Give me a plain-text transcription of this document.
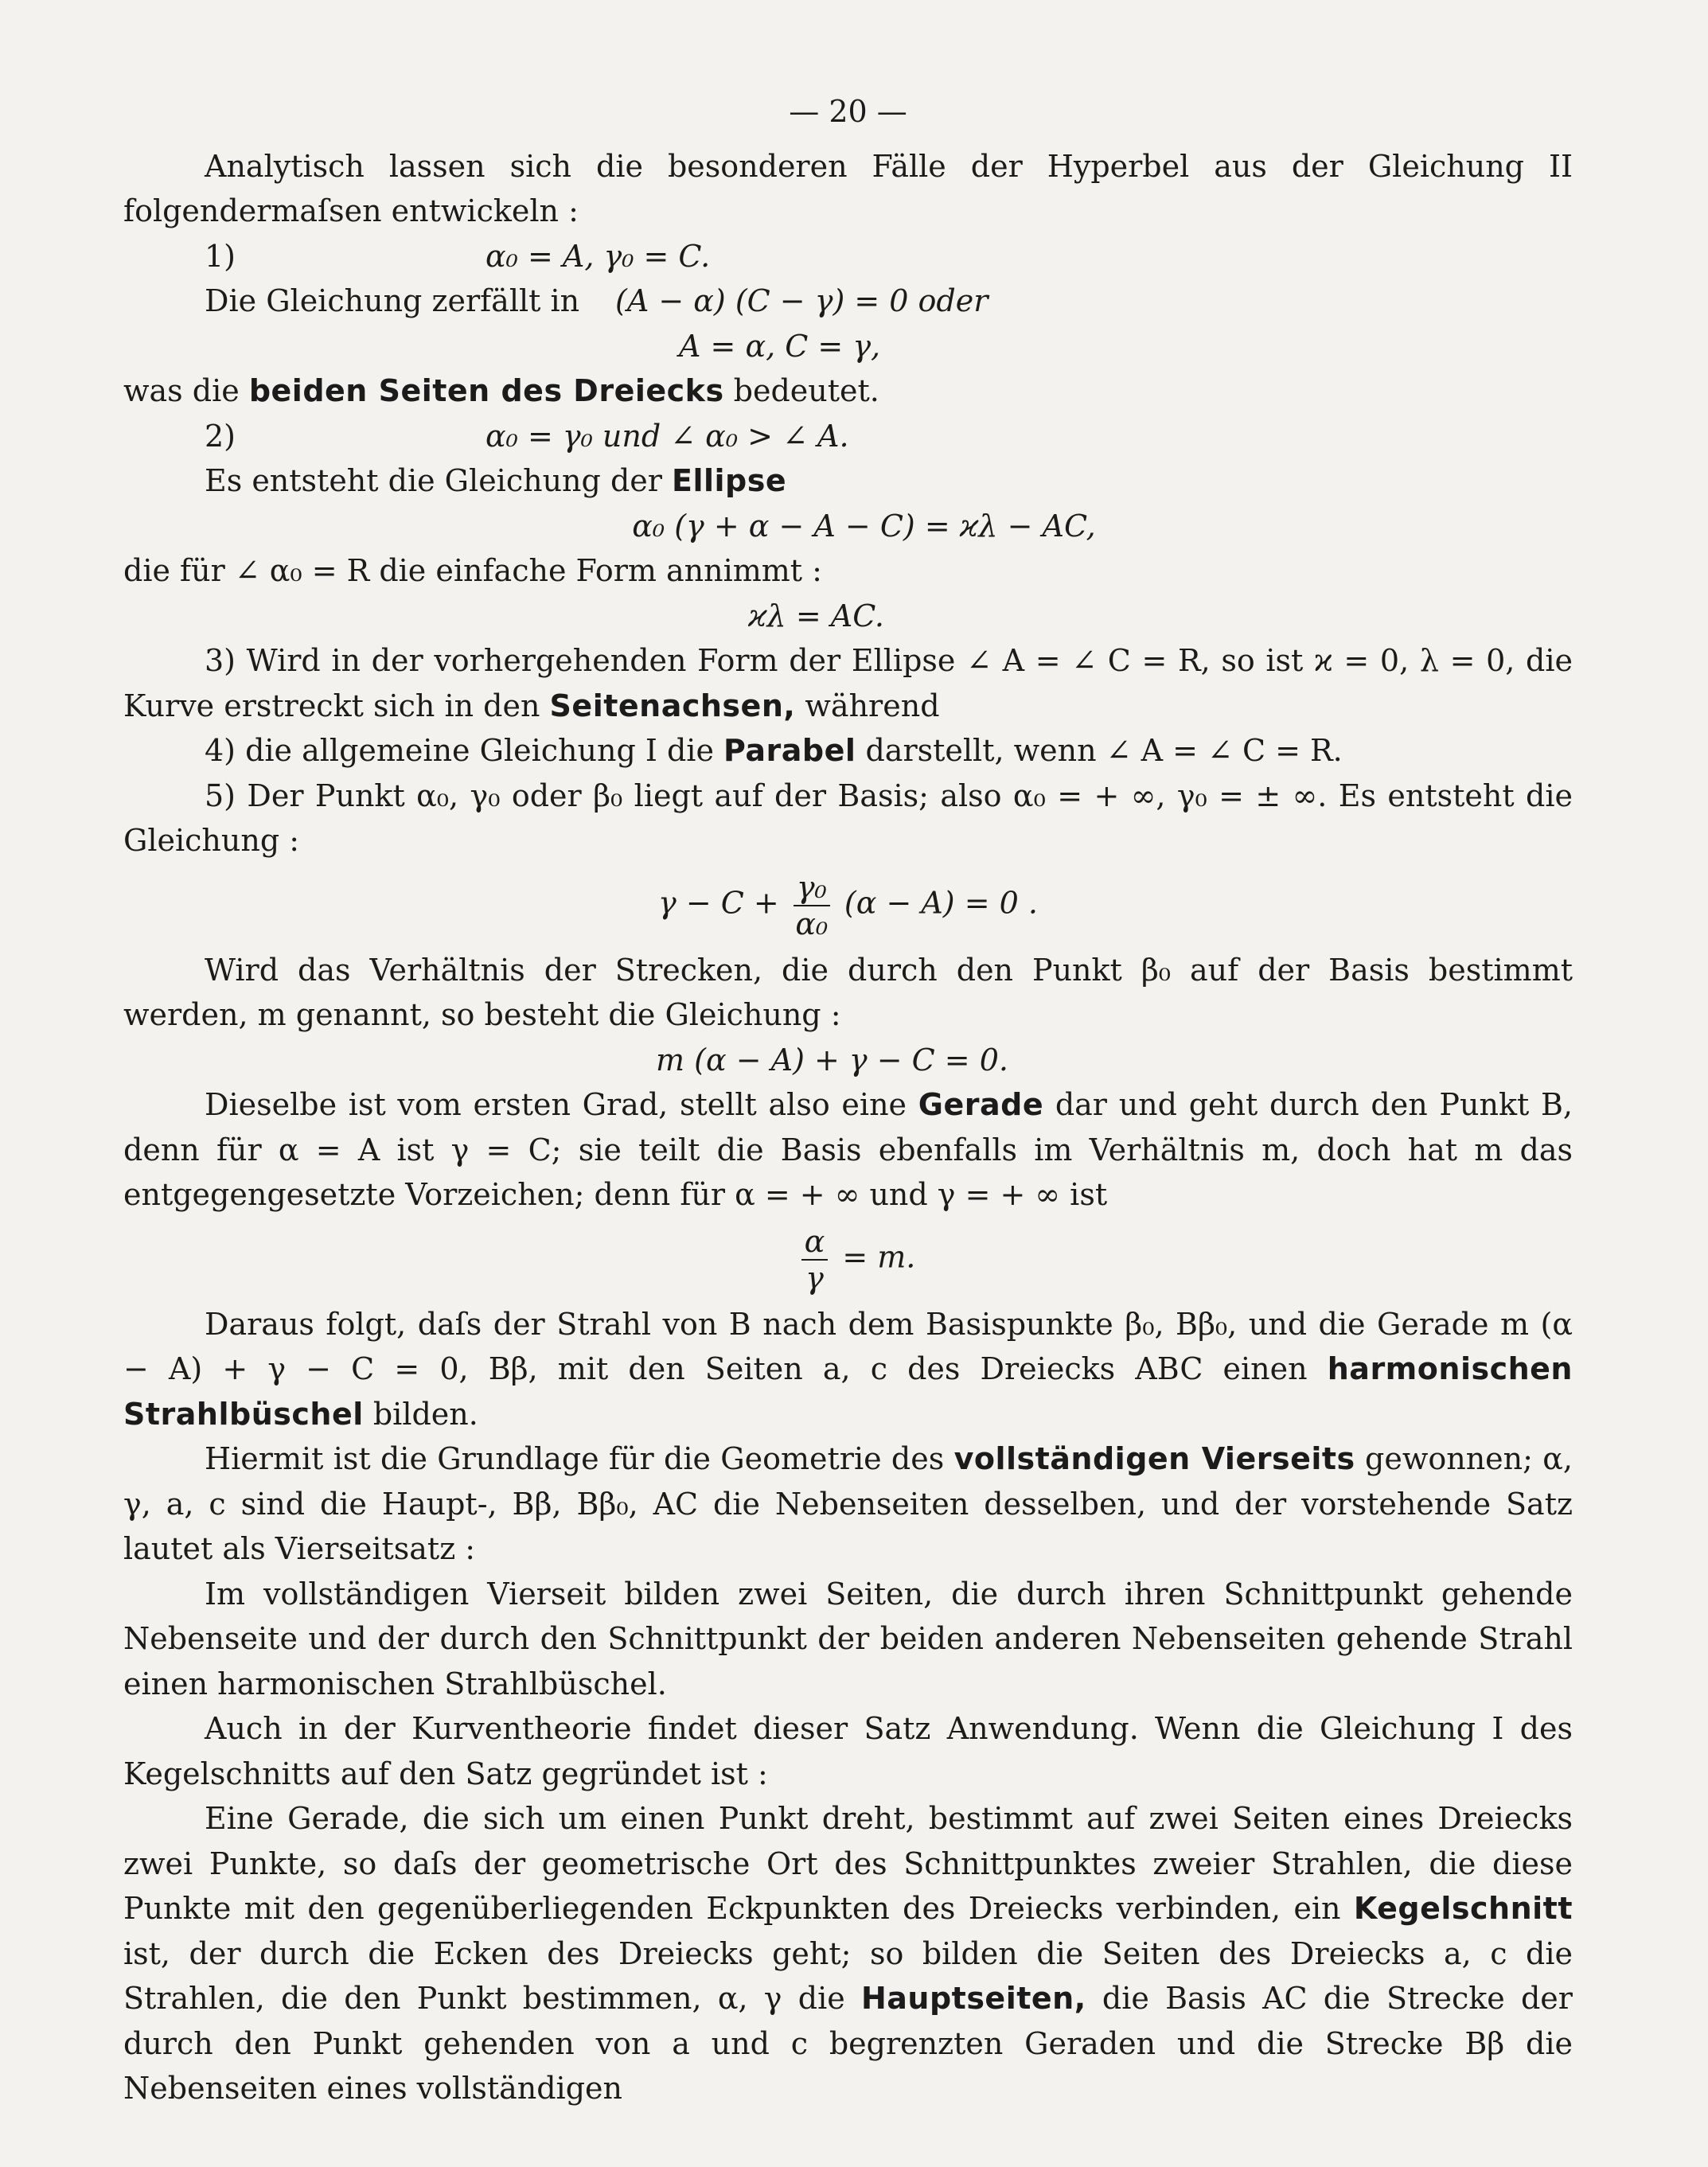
— 20 —

Analytisch lassen sich die besonderen Fälle der Hyperbel aus der Gleichung II folgendermaſsen entwickeln :

1)	α₀ = A, γ₀ = C.
Die Gleichung zerfällt in	(A − α) (C − γ) = 0 oder
A = α, C = γ,
was die beiden Seiten des Dreiecks bedeutet.
2)	α₀ = γ₀ und ∠ α₀ > ∠ A.
Es entsteht die Gleichung der Ellipse
α₀ (γ + α − A − C) = ϰλ − AC,
die für ∠ α₀ = R die einfache Form annimmt :
ϰλ = AC.

3) Wird in der vorhergehenden Form der Ellipse ∠ A = ∠ C = R, so ist ϰ = 0, λ = 0, die Kurve erstreckt sich in den Seitenachsen, während

4) die allgemeine Gleichung I die Parabel darstellt, wenn ∠ A = ∠ C = R.

5) Der Punkt α₀, γ₀ oder β₀ liegt auf der Basis; also α₀ = + ∞, γ₀ = ± ∞. Es entsteht die Gleichung :

$\gamma - C + \frac{\text{γ₀}}{\text{α₀}} (\alpha - A) = 0$ .

Wird das Verhältnis der Strecken, die durch den Punkt β₀ auf der Basis bestimmt werden, m genannt, so besteht die Gleichung :

m (α − A) + γ − C = 0.

Dieselbe ist vom ersten Grad, stellt also eine Gerade dar und geht durch den Punkt B, denn für α = A ist γ = C; sie teilt die Basis ebenfalls im Verhältnis m, doch hat m das entgegengesetzte Vorzeichen; denn für α = + ∞ und γ = + ∞ ist

$\frac{\alpha}{\gamma} = m$.

Daraus folgt, daſs der Strahl von B nach dem Basispunkte β₀, Bβ₀, und die Gerade m (α − A) + γ − C = 0, Bβ, mit den Seiten a, c des Dreiecks ABC einen harmonischen Strahlbüschel bilden.

Hiermit ist die Grundlage für die Geometrie des vollständigen Vierseits gewonnen; α, γ, a, c sind die Haupt-, Bβ, Bβ₀, AC die Nebenseiten desselben, und der vorstehende Satz lautet als Vierseitsatz :

Im vollständigen Vierseit bilden zwei Seiten, die durch ihren Schnittpunkt gehende Nebenseite und der durch den Schnittpunkt der beiden anderen Nebenseiten gehende Strahl einen harmonischen Strahlbüschel.

Auch in der Kurventheorie findet dieser Satz Anwendung. Wenn die Gleichung I des Kegelschnitts auf den Satz gegründet ist :

Eine Gerade, die sich um einen Punkt dreht, bestimmt auf zwei Seiten eines Dreiecks zwei Punkte, so daſs der geometrische Ort des Schnittpunktes zweier Strahlen, die diese Punkte mit den gegenüberliegenden Eckpunkten des Dreiecks verbinden, ein Kegelschnitt ist, der durch die Ecken des Dreiecks geht; so bilden die Seiten des Dreiecks a, c die Strahlen, die den Punkt bestimmen, α, γ die Hauptseiten, die Basis AC die Strecke der durch den Punkt gehenden von a und c begrenzten Geraden und die Strecke Bβ die Nebenseiten eines vollständigen
